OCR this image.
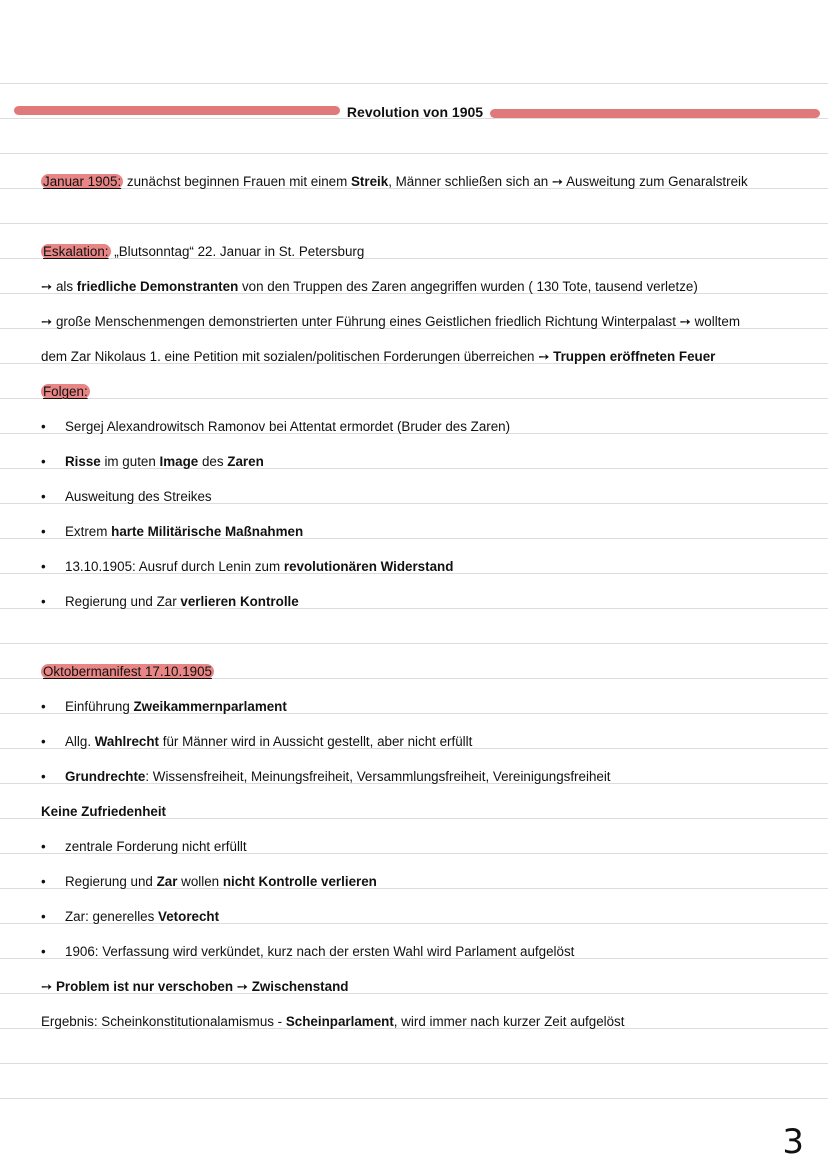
Revolution von 1905
Januar 1905: zunächst beginnen Frauen mit einem Streik, Männer schließen sich an ➙ Ausweitung zum Genaralstreik
Eskalation: „Blutsonntag“ 22. Januar in St. Petersburg
➙ als friedliche Demonstranten von den Truppen des Zaren angegriffen wurden ( 130 Tote, tausend verletze)
➙ große Menschenmengen demonstrierten unter Führung eines Geistlichen friedlich Richtung Winterpalast ➙ wolltem
dem Zar Nikolaus 1. eine Petition mit sozialen/politischen Forderungen überreichen ➙ Truppen eröffneten Feuer
Folgen:
• Sergej Alexandrowitsch Ramonov bei Attentat ermordet (Bruder des Zaren)
• Risse im guten Image des Zaren
• Ausweitung des Streikes
• Extrem harte Militärische Maßnahmen
• 13.10.1905: Ausruf durch Lenin zum revolutionären Widerstand
• Regierung und Zar verlieren Kontrolle
Oktobermanifest 17.10.1905
• Einführung Zweikammernparlament
• Allg. Wahlrecht für Männer wird in Aussicht gestellt, aber nicht erfüllt
• Grundrechte: Wissensfreiheit, Meinungsfreiheit, Versammlungsfreiheit, Vereinigungsfreiheit
Keine Zufriedenheit
• zentrale Forderung nicht erfüllt
• Regierung und Zar wollen nicht Kontrolle verlieren
• Zar: generelles Vetorecht
• 1906: Verfassung wird verkündet, kurz nach der ersten Wahl wird Parlament aufgelöst
➙ Problem ist nur verschoben ➙ Zwischenstand
Ergebnis: Scheinkonstitutionalamismus - Scheinparlament, wird immer nach kurzer Zeit aufgelöst
3
